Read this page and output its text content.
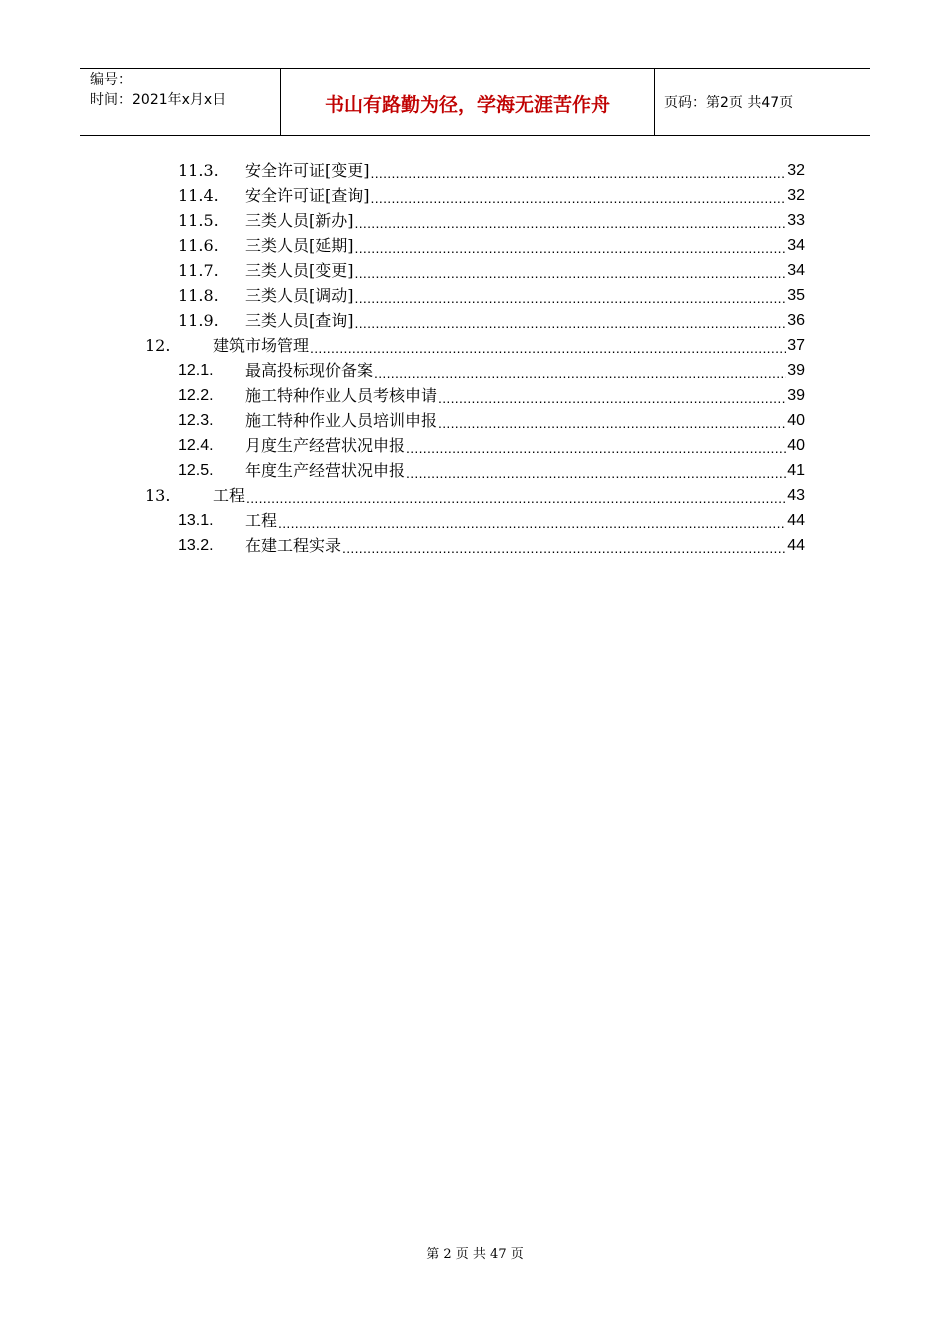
编号：
时间：2021年x月x日	书山有路勤为径，学海无涯苦作舟	页码：第2页 共47页
11.3.	安全许可证[变更] .....	32
11.4.	安全许可证[查询] .....	32
11.5.	三类人员[新办] .....	33
11.6.	三类人员[延期] .....	34
11.7.	三类人员[变更] .....	34
11.8.	三类人员[调动] .....	35
11.9.	三类人员[查询] .....	36
12.	建筑市场管理 .....	37
12.1.	最高投标现价备案 .....	39
12.2.	施工特种作业人员考核申请 .....	39
12.3.	施工特种作业人员培训申报 .....	40
12.4.	月度生产经营状况申报 .....	40
12.5.	年度生产经营状况申报 .....	41
13.	工程 .....	43
13.1.	工程 .....	44
13.2.	在建工程实录 .....	44
第 2 页 共 47 页
